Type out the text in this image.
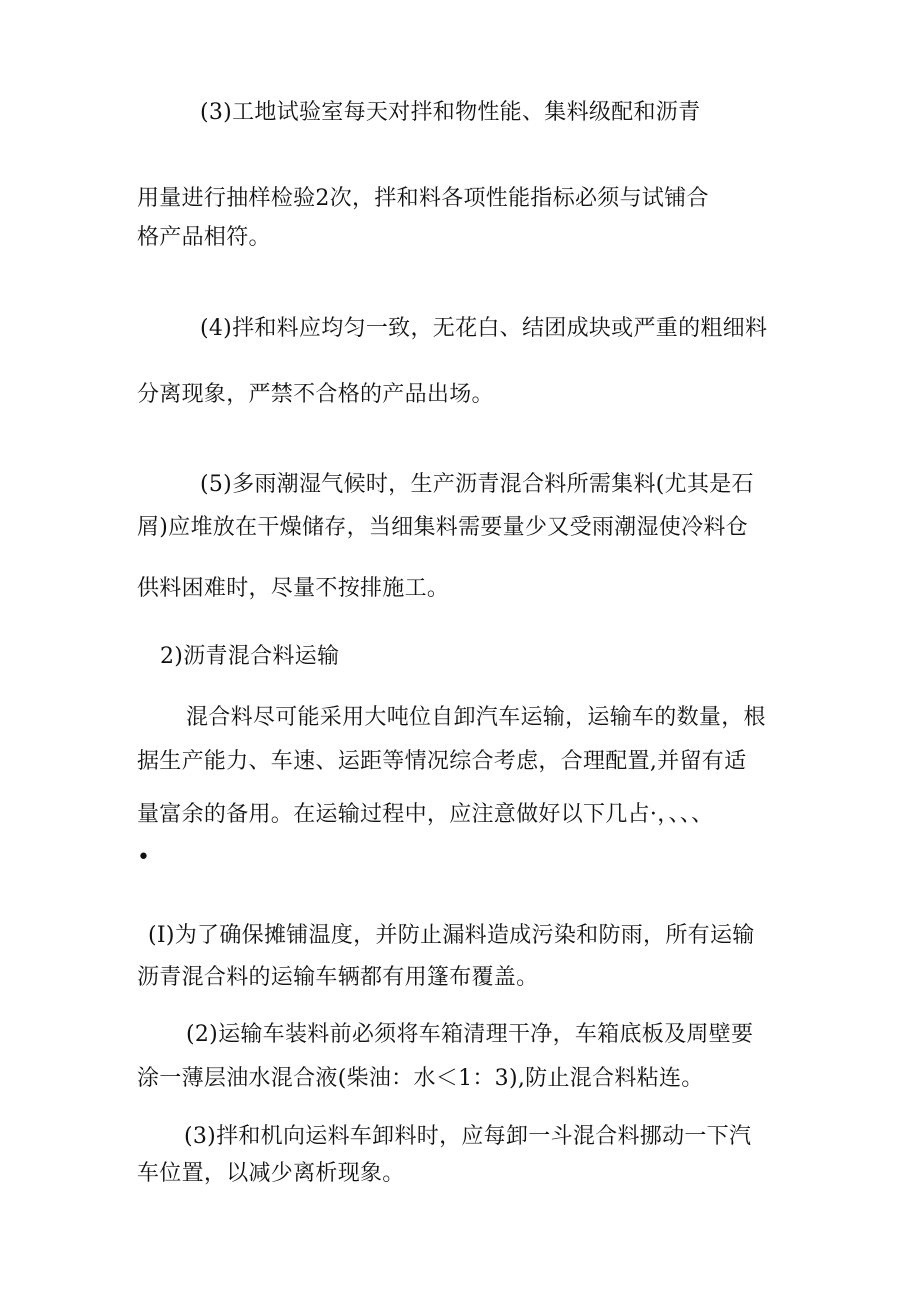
(3)工地试验室每天对拌和物性能、集料级配和沥青
用量进行抽样检验2次，拌和料各项性能指标必须与试铺合
格产品相符。
(4)拌和料应均匀一致，无花白、结团成块或严重的粗细料
分离现象，严禁不合格的产品出场。
(5)多雨潮湿气候时，生产沥青混合料所需集料(尤其是石
屑)应堆放在干燥储存，当细集料需要量少又受雨潮湿使冷料仓
供料困难时，尽量不按排施工。
2)沥青混合料运输
混合料尽可能采用大吨位自卸汽车运输，运输车的数量，根
据生产能力、车速、运距等情况综合考虑，合理配置,并留有适
量富余的备用。在运输过程中，应注意做好以下几占·，、、、
•
(I)为了确保摊铺温度，并防止漏料造成污染和防雨，所有运输
沥青混合料的运输车辆都有用篷布覆盖。
(2)运输车装料前必须将车箱清理干净，车箱底板及周壁要
涂一薄层油水混合液(柴油：水＜1：3),防止混合料粘连。
(3)拌和机向运料车卸料时，应每卸一斗混合料挪动一下汽
车位置，以减少离析现象。
